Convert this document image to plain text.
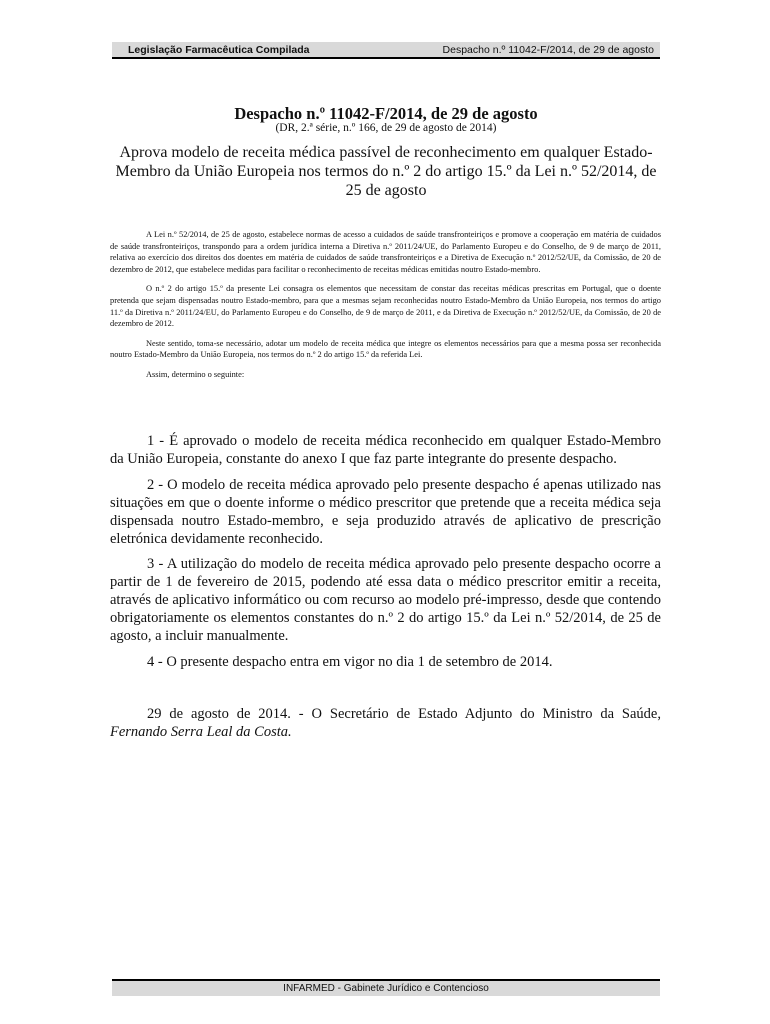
Legislação Farmacêutica Compilada	Despacho n.º 11042-F/2014, de 29 de agosto
Despacho n.º 11042-F/2014, de 29 de agosto
(DR, 2.ª série, n.º 166, de 29 de agosto de 2014)
Aprova modelo de receita médica passível de reconhecimento em qualquer Estado-Membro da União Europeia nos termos do n.º 2 do artigo 15.º da Lei n.º 52/2014, de 25 de agosto

A Lei n.º 52/2014, de 25 de agosto, estabelece normas de acesso a cuidados de saúde transfronteiriços e promove a cooperação em matéria de cuidados de saúde transfronteiriços, transpondo para a ordem jurídica interna a Diretiva n.º 2011/24/UE, do Parlamento Europeu e do Conselho, de 9 de março de 2011, relativa ao exercício dos direitos dos doentes em matéria de cuidados de saúde transfronteiriços e a Diretiva de Execução n.º 2012/52/UE, da Comissão, de 20 de dezembro de 2012, que estabelece medidas para facilitar o reconhecimento de receitas médicas emitidas noutro Estado-membro.

O n.º 2 do artigo 15.º da presente Lei consagra os elementos que necessitam de constar das receitas médicas prescritas em Portugal, que o doente pretenda que sejam dispensadas noutro Estado-membro, para que a mesmas sejam reconhecidas noutro Estado-Membro da União Europeia, nos termos do artigo 11.º da Diretiva n.º 2011/24/EU, do Parlamento Europeu e do Conselho, de 9 de março de 2011, e da Diretiva de Execução n.º 2012/52/UE, da Comissão, de 20 de dezembro de 2012.

Neste sentido, toma-se necessário, adotar um modelo de receita médica que integre os elementos necessários para que a mesma possa ser reconhecida noutro Estado-Membro da União Europeia, nos termos do n.º 2 do artigo 15.º da referida Lei.

Assim, determino o seguinte:

1 - É aprovado o modelo de receita médica reconhecido em qualquer Estado-Membro da União Europeia, constante do anexo I que faz parte integrante do presente despacho.

2 - O modelo de receita médica aprovado pelo presente despacho é apenas utilizado nas situações em que o doente informe o médico prescritor que pretende que a receita médica seja dispensada noutro Estado-membro, e seja produzido através de aplicativo de prescrição eletrónica devidamente reconhecido.

3 - A utilização do modelo de receita médica aprovado pelo presente despacho ocorre a partir de 1 de fevereiro de 2015, podendo até essa data o médico prescritor emitir a receita, através de aplicativo informático ou com recurso ao modelo pré-impresso, desde que contendo obrigatoriamente os elementos constantes do n.º 2 do artigo 15.º da Lei n.º 52/2014, de 25 de agosto, a incluir manualmente.

4 - O presente despacho entra em vigor no dia 1 de setembro de 2014.

29 de agosto de 2014. - O Secretário de Estado Adjunto do Ministro da Saúde, Fernando Serra Leal da Costa.

INFARMED - Gabinete Jurídico e Contencioso
